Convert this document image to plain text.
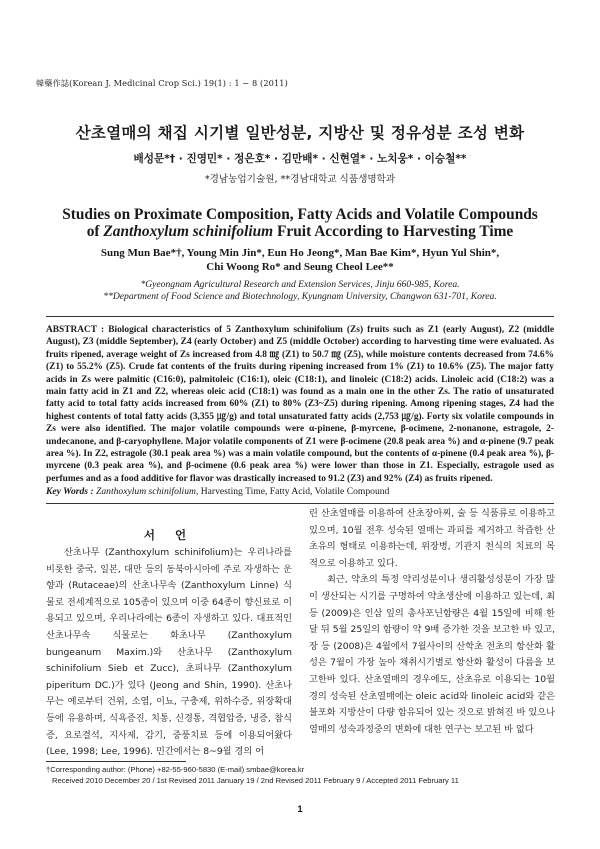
韓藥作誌(Korean J. Medicinal Crop Sci.) 19(1) : 1 − 8 (2011)
산초열매의 채집 시기별 일반성분, 지방산 및 정유성분 조성 변화
배성문*† · 진영민* · 정은호* · 김만배* · 신현열* · 노치웅* · 이승철**
*경남농업기술원, **경남대학교 식품생명학과
Studies on Proximate Composition, Fatty Acids and Volatile Compounds
of Zanthoxylum schinifolium Fruit According to Harvesting Time
Sung Mun Bae*†, Young Min Jin*, Eun Ho Jeong*, Man Bae Kim*, Hyun Yul Shin*,
Chi Woong Ro* and Seung Cheol Lee**
*Gyeongnam Agricultural Research and Extension Services, Jinju 660-985, Korea.
**Department of Food Science and Biotechnology, Kyungnam University, Changwon 631-701, Korea.
ABSTRACT : Biological characteristics of 5 Zanthoxylum schinifolium (Zs) fruits such as Z1 (early August), Z2 (middle August), Z3 (middle September), Z4 (early October) and Z5 (middle October) according to harvesting time were evaluated. As fruits ripened, average weight of Zs increased from 4.8 ㎎ (Z1) to 50.7 ㎎ (Z5), while moisture contents decreased from 74.6% (Z1) to 55.2% (Z5). Crude fat contents of the fruits during ripening increased from 1% (Z1) to 10.6% (Z5). The major fatty acids in Zs were palmitic (C16:0), palmitoleic (C16:1), oleic (C18:1), and linoleic (C18:2) acids. Linoleic acid (C18:2) was a main fatty acid in Z1 and Z2, whereas oleic acid (C18:1) was found as a main one in the other Zs. The ratio of unsaturated fatty acid to total fatty acids increased from 60% (Z1) to 80% (Z3~Z5) during ripening. Among ripening stages, Z4 had the highest contents of total fatty acids (3,355 ㎍/g) and total unsaturated fatty acids (2,753 ㎍/g). Forty six volatile compounds in Zs were also identified. The major volatile compounds were α-pinene, β-myrcene, β-ocimene, 2-nonanone, estragole, 2-undecanone, and β-caryophyllene. Major volatile components of Z1 were β-ocimene (20.8 peak area %) and α-pinene (9.7 peak area %). In Z2, estragole (30.1 peak area %) was a main volatile compound, but the contents of α-pinene (0.4 peak area %), β-myrcene (0.3 peak area %), and β-ocimene (0.6 peak area %) were lower than those in Z1. Especially, estragole used as perfumes and as a food additive for flavor was drastically increased to 91.2 (Z3) and 92% (Z4) as fruits ripened.
Key Words : Zanthoxylum schinifolium, Harvesting Time, Fatty Acid, Volatile Compound
서 언

산초나무 (Zanthoxylum schinifolium)는 우리나라를 비롯한 중국, 일본, 대만 등의 동북아시아에 주로 자생하는 운향과 (Rutaceae)의 산초나무속 (Zanthoxylum Linne) 식물로 전세계적으로 105종이 있으며 이중 64종이 향신료로 이용되고 있으며, 우리나라에는 6종이 자생하고 있다. 대표적인 산초나무속 식물로는 화초나무 (Zanthoxylum bungeanum Maxim.)와 산초나무 (Zanthoxylum schinifolium Sieb et Zucc), 초피나무 (Zanthoxylum piperitum DC.)가 있다 (Jeong and Shin, 1990). 산초나무는 예로부터 건위, 소염, 이뇨, 구충제, 위하수증, 위장확대 등에 유용하며, 식욕증진, 치통, 신경통, 격협압증, 냉증, 참식증, 요로결석, 지사제, 감기, 중풍치료 등에 이용되어왔다 (Lee, 1998; Lee, 1996). 민간에서는 8~9월 경의 어

린 산초열매를 이용하여 산초장아찌, 술 등 식품류로 이용하고 있으며, 10월 전후 성숙된 열매는 과피를 제거하고 착즙한 산초유의 형태로 이용하는데, 위장병, 기관지 천식의 치료의 목적으로 이용하고 있다.

최근, 약초의 특정 약리성분이나 생리활성성분이 가장 많이 생산되는 시기를 구명하여 약초생산에 이용하고 있는데, 최 등 (2009)은 인삼 잎의 총사포닌함량은 4월 15일에 비해 한 달 뒤 5월 25일의 함량이 약 9배 증가한 것을 보고한 바 있고, 장 등 (2008)은 4월에서 7월사이의 산학초 전초의 항산화 활성은 7월이 가장 높아 채취시기별로 항산화 활성이 다름을 보고한바 있다. 산초열매의 경우에도, 산초유로 이용되는 10월경의 성숙된 산초열매에는 oleic acid와 linoleic acid와 같은 불포화 지방산이 다량 함유되어 있는 것으로 밝혀진 바 있으나 열매의 성숙과정중의 변화에 대한 연구는 보고된 바 없다

†Corresponding author: (Phone) +82-55-960-5830 (E-mail) smbae@korea.kr
Received 2010 December 20 / 1st Revised 2011 January 19 / 2nd Revised 2011 February 9 / Accepted 2011 February 11
1
